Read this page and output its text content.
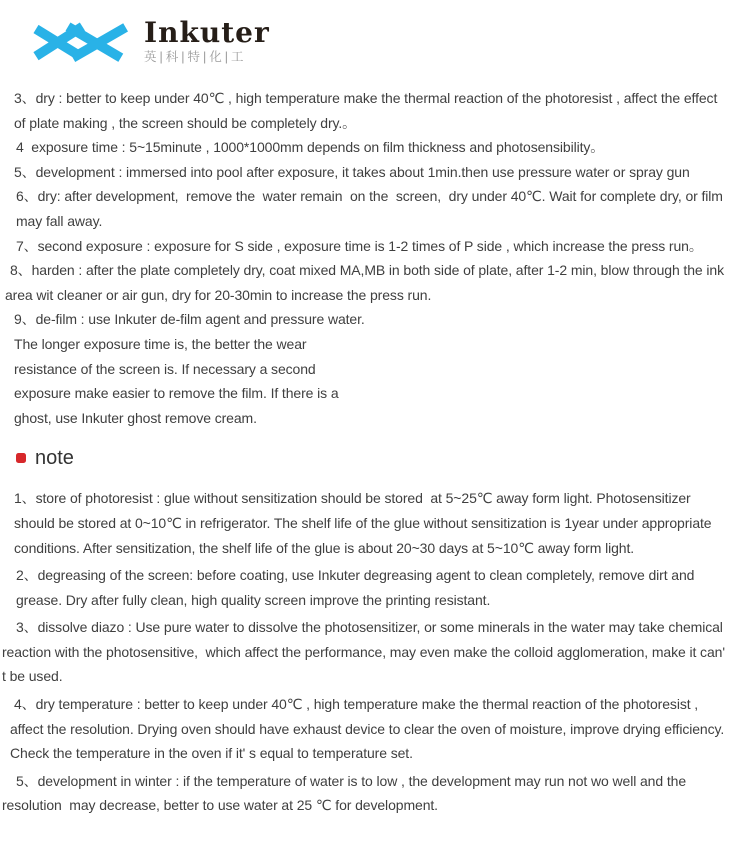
Inkuter
英|科|特|化|工

3、dry : better to keep under 40℃ , high temperature make the thermal reaction of the photoresist , affect the effect of plate making , the screen should be completely dry.。

4  exposure time : 5~15minute , 1000*1000mm depends on film thickness and photosensibility。

5、development : immersed into pool after exposure, it takes about 1min.then use pressure water or spray gun

6、dry: after development,  remove the  water remain  on the  screen,  dry under 40℃. Wait for complete dry, or film may fall away.

7、second exposure : exposure for S side , exposure time is 1-2 times of P side , which increase the press run。

8、harden : after the plate completely dry, coat mixed MA,MB in both side of plate, after 1-2 min, blow through the ink area wit cleaner or air gun, dry for 20-30min to increase the press run.

9、de-film : use Inkuter de-film agent and pressure water. The longer exposure time is, the better the wear resistance of the screen is. If necessary a second exposure make easier to remove the film. If there is a ghost, use Inkuter ghost remove cream.

note

1、store of photoresist : glue without sensitization should be stored  at 5~25℃ away form light. Photosensitizer should be stored at 0~10℃ in refrigerator. The shelf life of the glue without sensitization is 1year under appropriate conditions. After sensitization, the shelf life of the glue is about 20~30 days at 5~10℃ away form light.

2、degreasing of the screen: before coating, use Inkuter degreasing agent to clean completely, remove dirt and grease. Dry after fully clean, high quality screen improve the printing resistant.

3、dissolve diazo : Use pure water to dissolve the photosensitizer, or some minerals in the water may take chemical reaction with the photosensitive,  which affect the performance, may even make the colloid agglomeration, make it can' t be used.

4、dry temperature : better to keep under 40℃ , high temperature make the thermal reaction of the photoresist , affect the resolution. Drying oven should have exhaust device to clear the oven of moisture, improve drying efficiency. Check the temperature in the oven if it' s equal to temperature set.

5、development in winter : if the temperature of water is to low , the development may run not wo well and the resolution  may decrease, better to use water at 25 ℃ for development.
